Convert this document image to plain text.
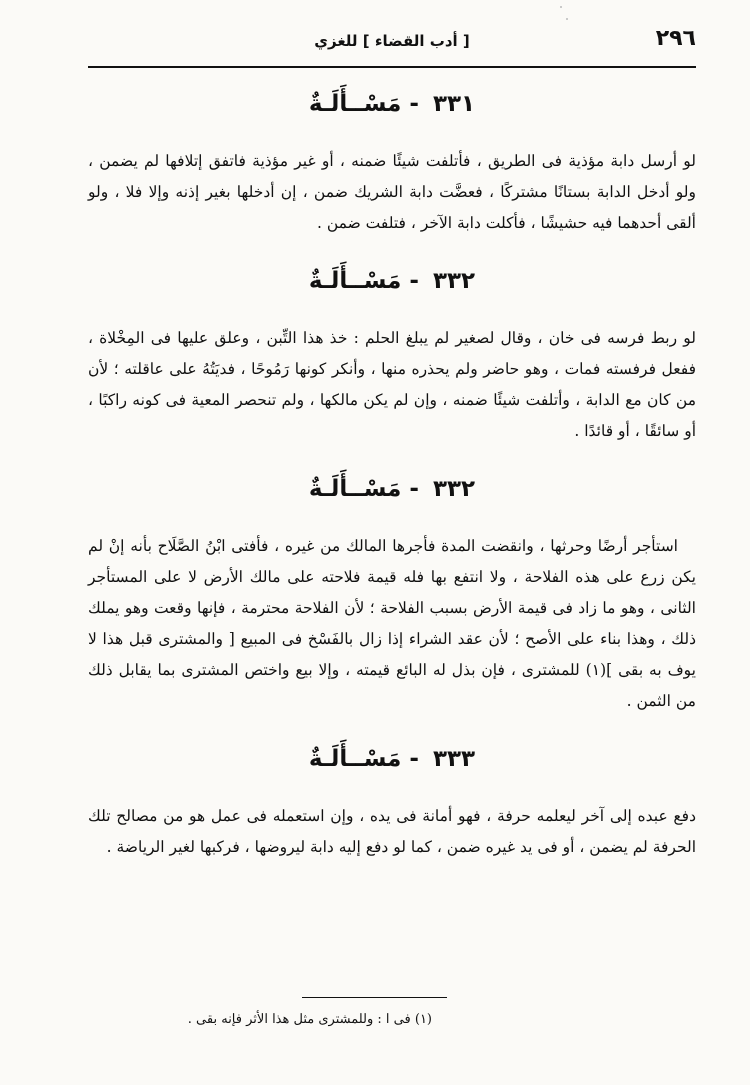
٢٩٦
[ أدب القضاء ] للغزي
٣٣١ - مَسْــأَلَـةٌ

لو أرسل دابة مؤذية فى الطريق ، فأتلفت شيئًا ضمنه ، أو غير مؤذية فاتفق إتلافها لم يضمن ، ولو أدخل الدابة بستانًا مشتركًا ، فعضَّت دابة الشريك ضمن ، إن أدخلها بغير إذنه وإلا فلا ، ولو ألقى أحدهما فيه حشيشًا ، فأكلت دابة الآخر ، فتلفت ضمن .

٣٣٢ - مَسْــأَلَـةٌ

لو ربط فرسه فى خان ، وقال لصغير لم يبلغ الحلم : خذ هذا التِّبن ، وعلق عليها فى المِخْلاة ، ففعل فرفسته فمات ، وهو حاضر ولم يحذره منها ، وأنكر كونها رَمُوحًا ، فديَتُهُ على عاقلته ؛ لأن من كان مع الدابة ، وأتلفت شيئًا ضمنه ، وإن لم يكن مالكها ، ولم تنحصر المعية فى كونه راكبًا ، أو سائقًا ، أو قائدًا .

٣٣٢ - مَسْــأَلَـةٌ

استأجر أرضًا وحرثها ، وانقضت المدة فأجرها المالك من غيره ، فأفتى ابْنُ الصَّلَاح بأنه إنْ لم يكن زرع على هذه الفلاحة ، ولا انتفع بها فله قيمة فلاحته على مالك الأرض لا على المستأجر الثانى ، وهو ما زاد فى قيمة الأرض بسبب الفلاحة ؛ لأن الفلاحة محترمة ، فإنها وقعت وهو يملك ذلك ، وهذا بناء على الأصح ؛ لأن عقد الشراء إذا زال بالفَسْخ فى المبيع [ والمشترى قبل هذا لا يوف به بقى ](١) للمشترى ، فإن بذل له البائع قيمته ، وإلا بيع واختص المشترى بما يقابل ذلك من الثمن .

٣٣٣ - مَسْــأَلَـةٌ

دفع عبده إلى آخر ليعلمه حرفة ، فهو أمانة فى يده ، وإن استعمله فى عمل هو من مصالح تلك الحرفة لم يضمن ، أو فى يد غيره ضمن ، كما لو دفع إليه دابة ليروضها ، فركبها لغير الرياضة .

(١) فى ا : وللمشترى مثل هذا الأثر فإنه بقى .
